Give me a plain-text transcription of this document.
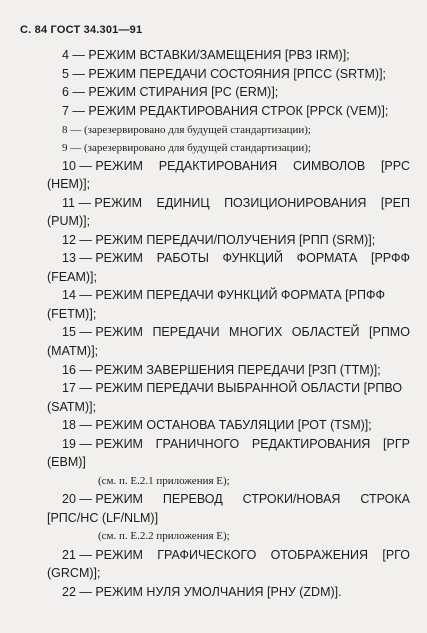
С. 84 ГОСТ 34.301—91
4 — РЕЖИМ ВСТАВКИ/ЗАМЕЩЕНИЯ [РВЗ IRM)];
5 — РЕЖИМ ПЕРЕДАЧИ СОСТОЯНИЯ [РПСС (SRTM)];
6 — РЕЖИМ СТИРАНИЯ [РС (ERM)];
7 — РЕЖИМ РЕДАКТИРОВАНИЯ СТРОК [РРСК (VEM)];
8 — (зарезервировано для будущей стандартизации);
9 — (зарезервировано для будущей стандартизации);
10 — РЕЖИМ РЕДАКТИРОВАНИЯ СИМВОЛОВ [РРС
(HEM)];
11 — РЕЖИМ ЕДИНИЦ ПОЗИЦИОНИРОВАНИЯ [РЕП
(PUM)];
12 — РЕЖИМ ПЕРЕДАЧИ/ПОЛУЧЕНИЯ [РПП (SRM)];
13 — РЕЖИМ РАБОТЫ ФУНКЦИЙ ФОРМАТА [РРФФ
(FEAM)];
14 — РЕЖИМ ПЕРЕДАЧИ ФУНКЦИЙ ФОРМАТА [РПФФ
(FETM)];
15 — РЕЖИМ ПЕРЕДАЧИ МНОГИХ ОБЛАСТЕЙ [РПМО
(MATM)];
16 — РЕЖИМ ЗАВЕРШЕНИЯ ПЕРЕДАЧИ [РЗП (ТТМ)];
17 — РЕЖИМ ПЕРЕДАЧИ ВЫБРАННОЙ ОБЛАСТИ [РПВО
(SATM)];
18 — РЕЖИМ ОСТАНОВА ТАБУЛЯЦИИ [РОТ (TSM)];
19 — РЕЖИМ ГРАНИЧНОГО РЕДАКТИРОВАНИЯ [РГР
(EBM)]
(см. п. Е.2.1 приложения Е);
20 — РЕЖИМ ПЕРЕВОД СТРОКИ/НОВАЯ СТРОКА
[РПС/НС (LF/NLM)]
(см. п. Е.2.2 приложения Е);
21 — РЕЖИМ ГРАФИЧЕСКОГО ОТОБРАЖЕНИЯ [РГО
(GRCM)];
22 — РЕЖИМ НУЛЯ УМОЛЧАНИЯ [РНУ (ZDM)].
